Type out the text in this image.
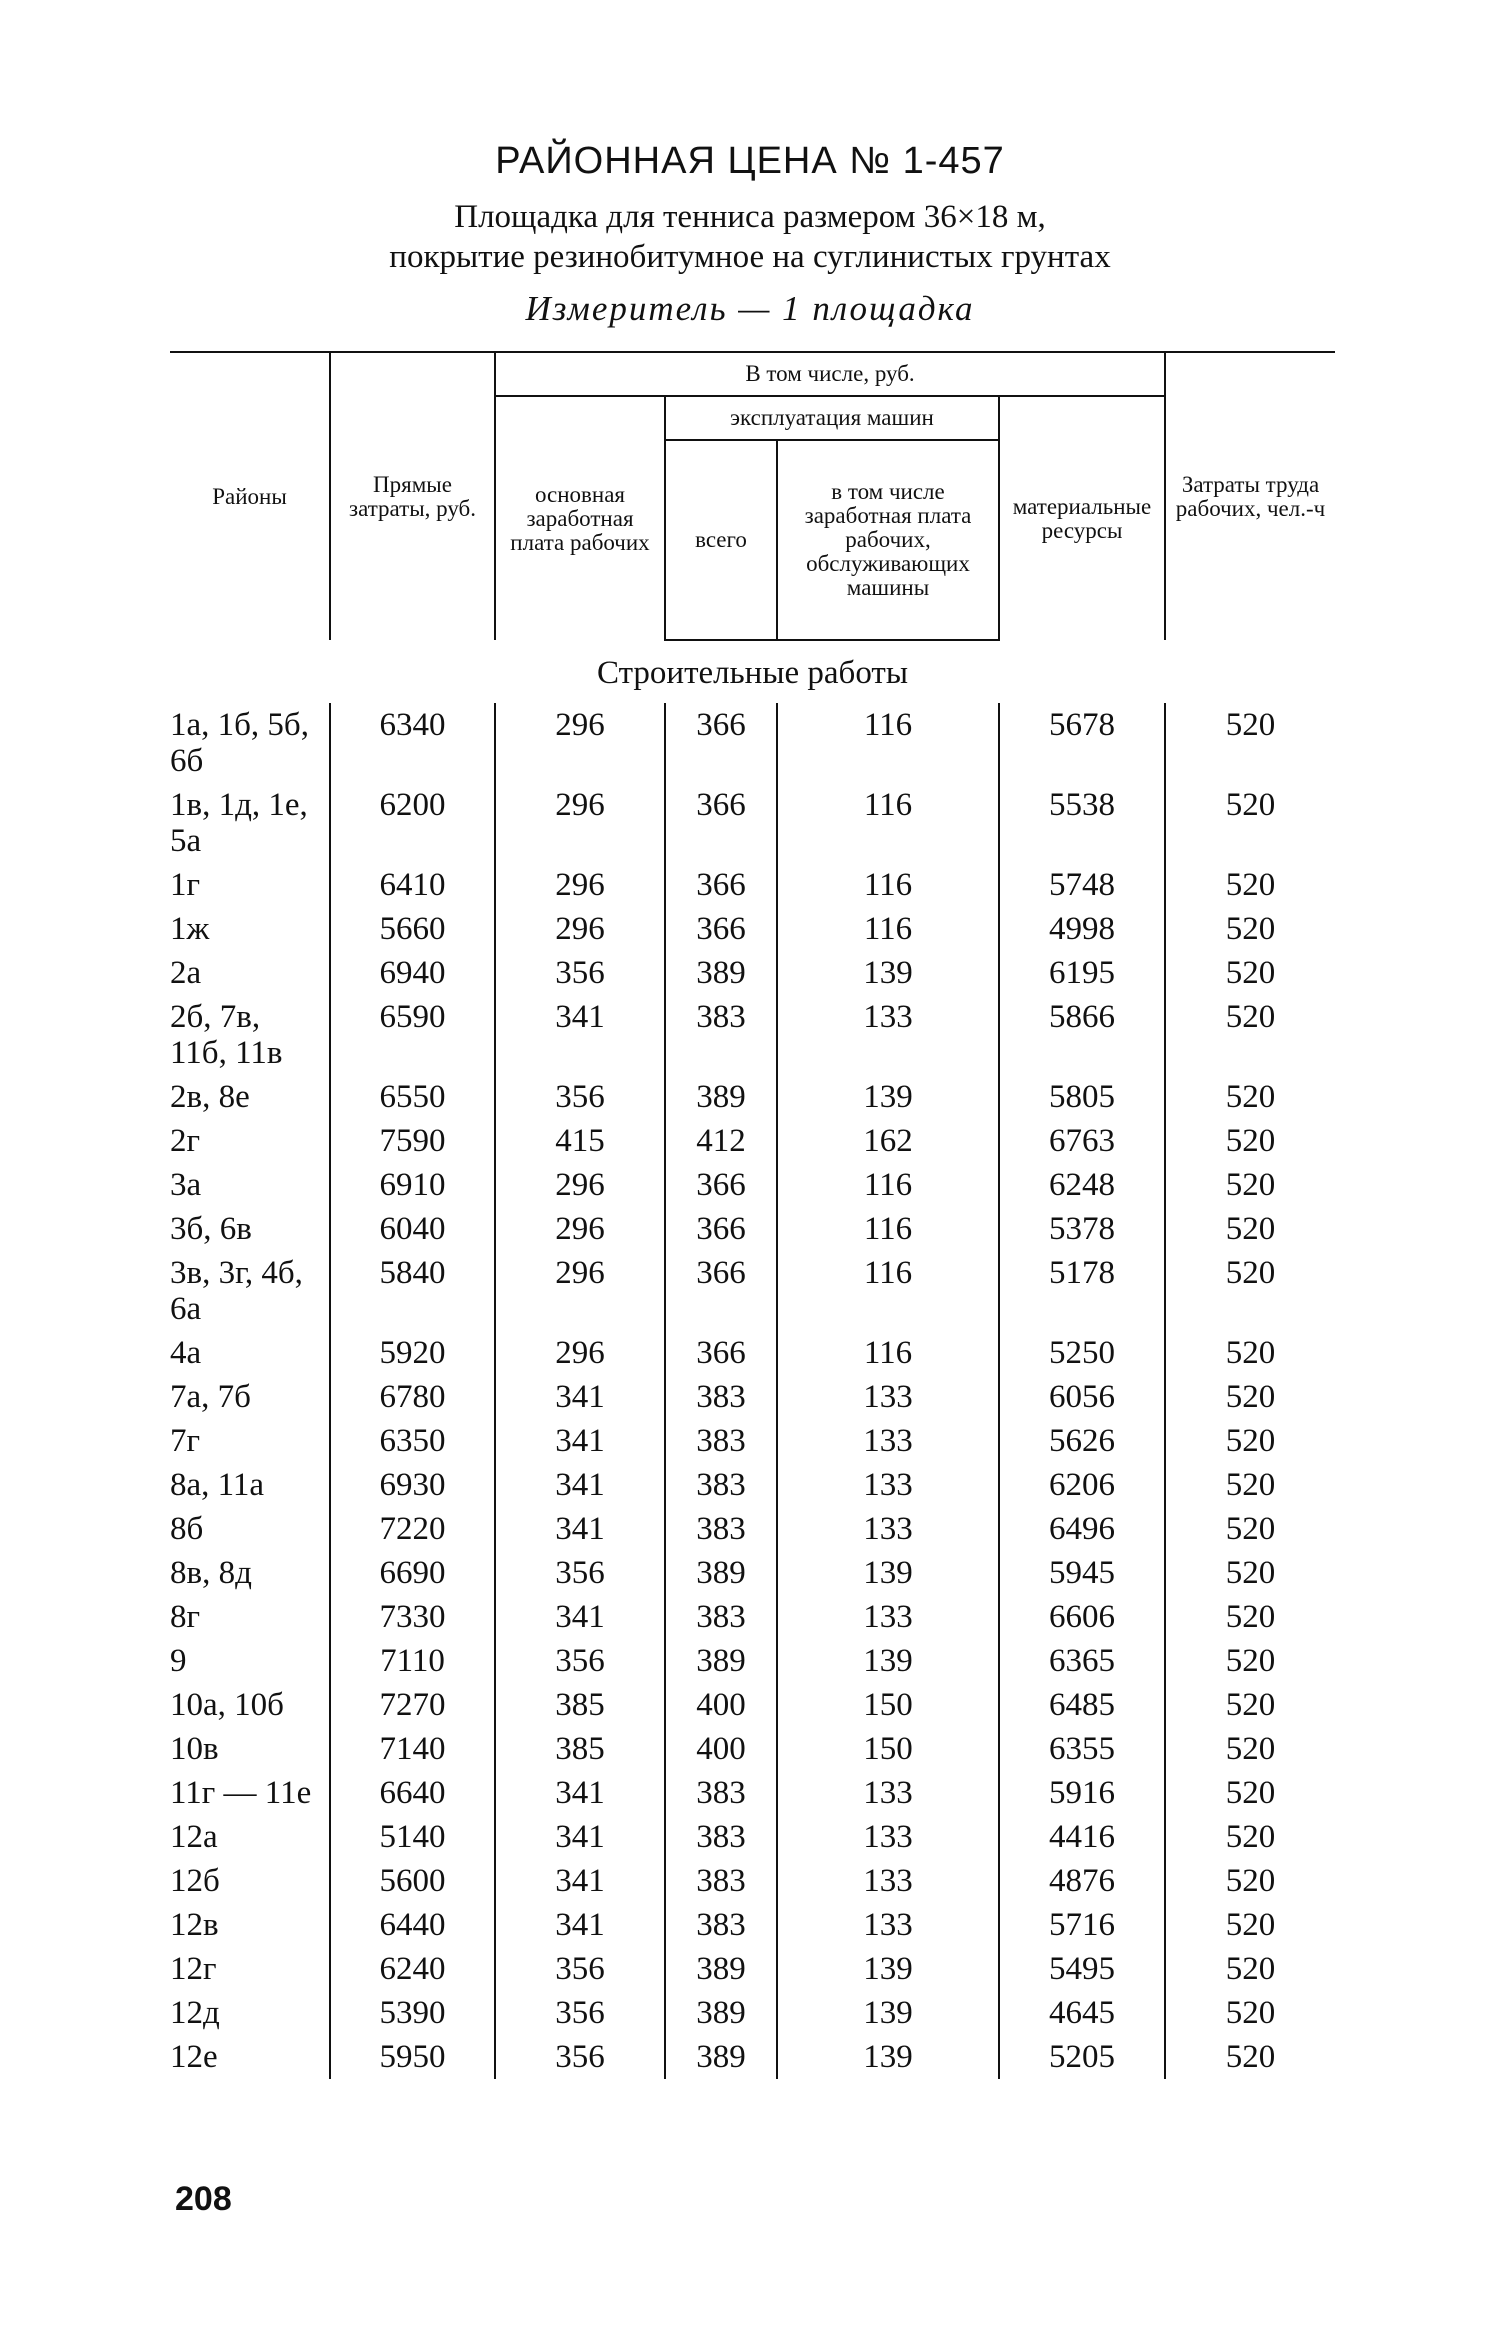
РАЙОННАЯ ЦЕНА № 1-457
Площадка для тенниса размером 36×18 м,
покрытие резинобитумное на суглинистых грунтах
Измеритель — 1 площадка
Районы	Прямые затраты, руб.	В том числе, руб.				Затраты труда рабочих, чел.-ч
		основная заработная плата рабочих	эксплуатация машин		материальные ресурсы	
			всего	в том числе заработная плата рабочих, обслуживающих машины		
Строительные работы						
1а, 1б, 5б, 6б	6340	296	366	116	5678	520
1в, 1д, 1е, 5а	6200	296	366	116	5538	520
1г	6410	296	366	116	5748	520
1ж	5660	296	366	116	4998	520
2а	6940	356	389	139	6195	520
2б, 7в, 11б, 11в	6590	341	383	133	5866	520
2в, 8е	6550	356	389	139	5805	520
2г	7590	415	412	162	6763	520
3а	6910	296	366	116	6248	520
3б, 6в	6040	296	366	116	5378	520
3в, 3г, 4б, 6а	5840	296	366	116	5178	520
4а	5920	296	366	116	5250	520
7а, 7б	6780	341	383	133	6056	520
7г	6350	341	383	133	5626	520
8а, 11а	6930	341	383	133	6206	520
8б	7220	341	383	133	6496	520
8в, 8д	6690	356	389	139	5945	520
8г	7330	341	383	133	6606	520
9	7110	356	389	139	6365	520
10а, 10б	7270	385	400	150	6485	520
10в	7140	385	400	150	6355	520
11г — 11е	6640	341	383	133	5916	520
12а	5140	341	383	133	4416	520
12б	5600	341	383	133	4876	520
12в	6440	341	383	133	5716	520
12г	6240	356	389	139	5495	520
12д	5390	356	389	139	4645	520
12е	5950	356	389	139	5205	520
208
